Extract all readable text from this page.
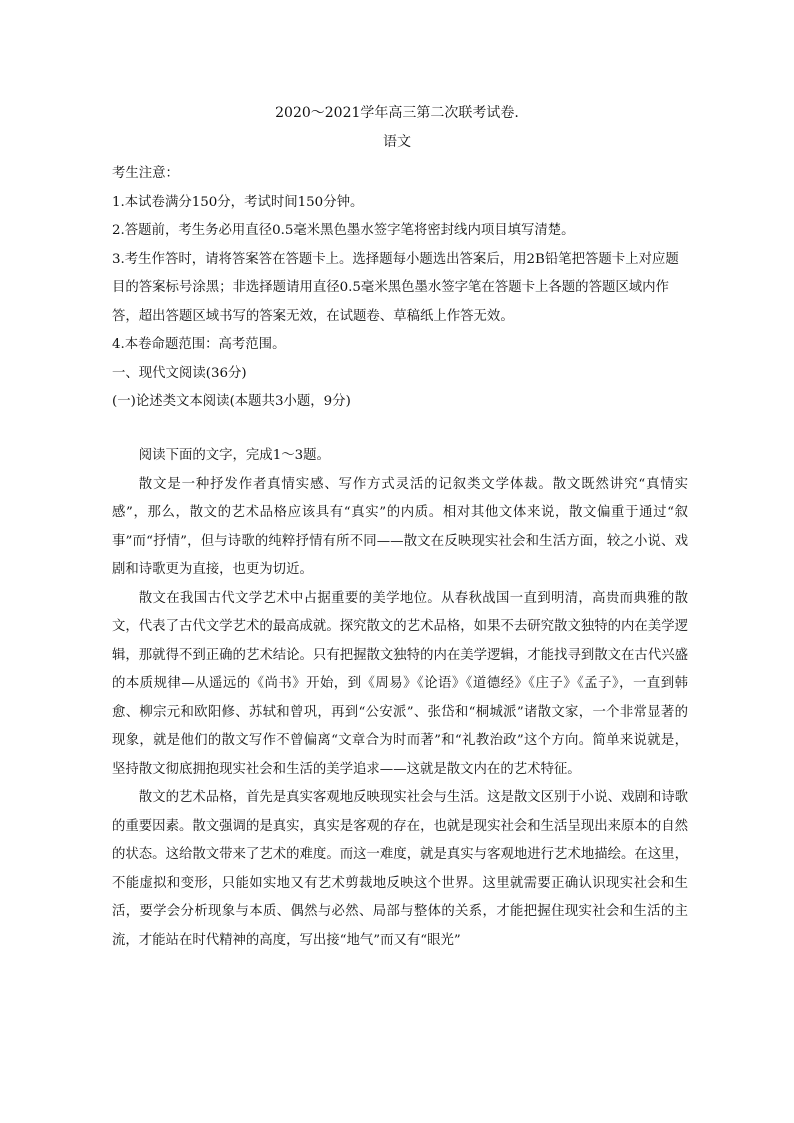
2020～2021学年高三第二次联考试卷.
语文

考生注意：

1.本试卷满分150分，考试时间150分钟。

2.答题前，考生务必用直径0.5毫米黑色墨水签字笔将密封线内项目填写清楚。

3.考生作答时，请将答案答在答题卡上。选择题每小题选出答案后，用2B铅笔把答题卡上对应题目的答案标号涂黑；非选择题请用直径0.5毫米黑色墨水签字笔在答题卡上各题的答题区域内作答，超出答题区域书写的答案无效，在试题卷、草稿纸上作答无效。

4.本卷命题范围：高考范围。

一、现代文阅读(36分)

(一)论述类文本阅读(本题共3小题，9分)

阅读下面的文字，完成1～3题。

散文是一种抒发作者真情实感、写作方式灵活的记叙类文学体裁。散文既然讲究“真情实感”，那么，散文的艺术品格应该具有“真实”的内质。相对其他文体来说，散文偏重于通过“叙事”而“抒情”，但与诗歌的纯粹抒情有所不同——散文在反映现实社会和生活方面，较之小说、戏剧和诗歌更为直接，也更为切近。

散文在我国古代文学艺术中占据重要的美学地位。从春秋战国一直到明清，高贵而典雅的散文，代表了古代文学艺术的最高成就。探究散文的艺术品格，如果不去研究散文独特的内在美学逻辑，那就得不到正确的艺术结论。只有把握散文独特的内在美学逻辑，才能找寻到散文在古代兴盛的本质规律—从遥远的《尚书》开始，到《周易》《论语》《道德经》《庄子》《孟子》，一直到韩愈、柳宗元和欧阳修、苏轼和曾巩，再到“公安派”、张岱和“桐城派”诸散文家，一个非常显著的现象，就是他们的散文写作不曾偏离“文章合为时而著”和“礼教治政”这个方向。简单来说就是，坚持散文彻底拥抱现实社会和生活的美学追求——这就是散文内在的艺术特征。

散文的艺术品格，首先是真实客观地反映现实社会与生活。这是散文区别于小说、戏剧和诗歌的重要因素。散文强调的是真实，真实是客观的存在，也就是现实社会和生活呈现出来原本的自然的状态。这给散文带来了艺术的难度。而这一难度，就是真实与客观地进行艺术地描绘。在这里，不能虚拟和变形，只能如实地又有艺术剪裁地反映这个世界。这里就需要正确认识现实社会和生活，要学会分析现象与本质、偶然与必然、局部与整体的关系，才能把握住现实社会和生活的主流，才能站在时代精神的高度，写出接“地气”而又有“眼光”
